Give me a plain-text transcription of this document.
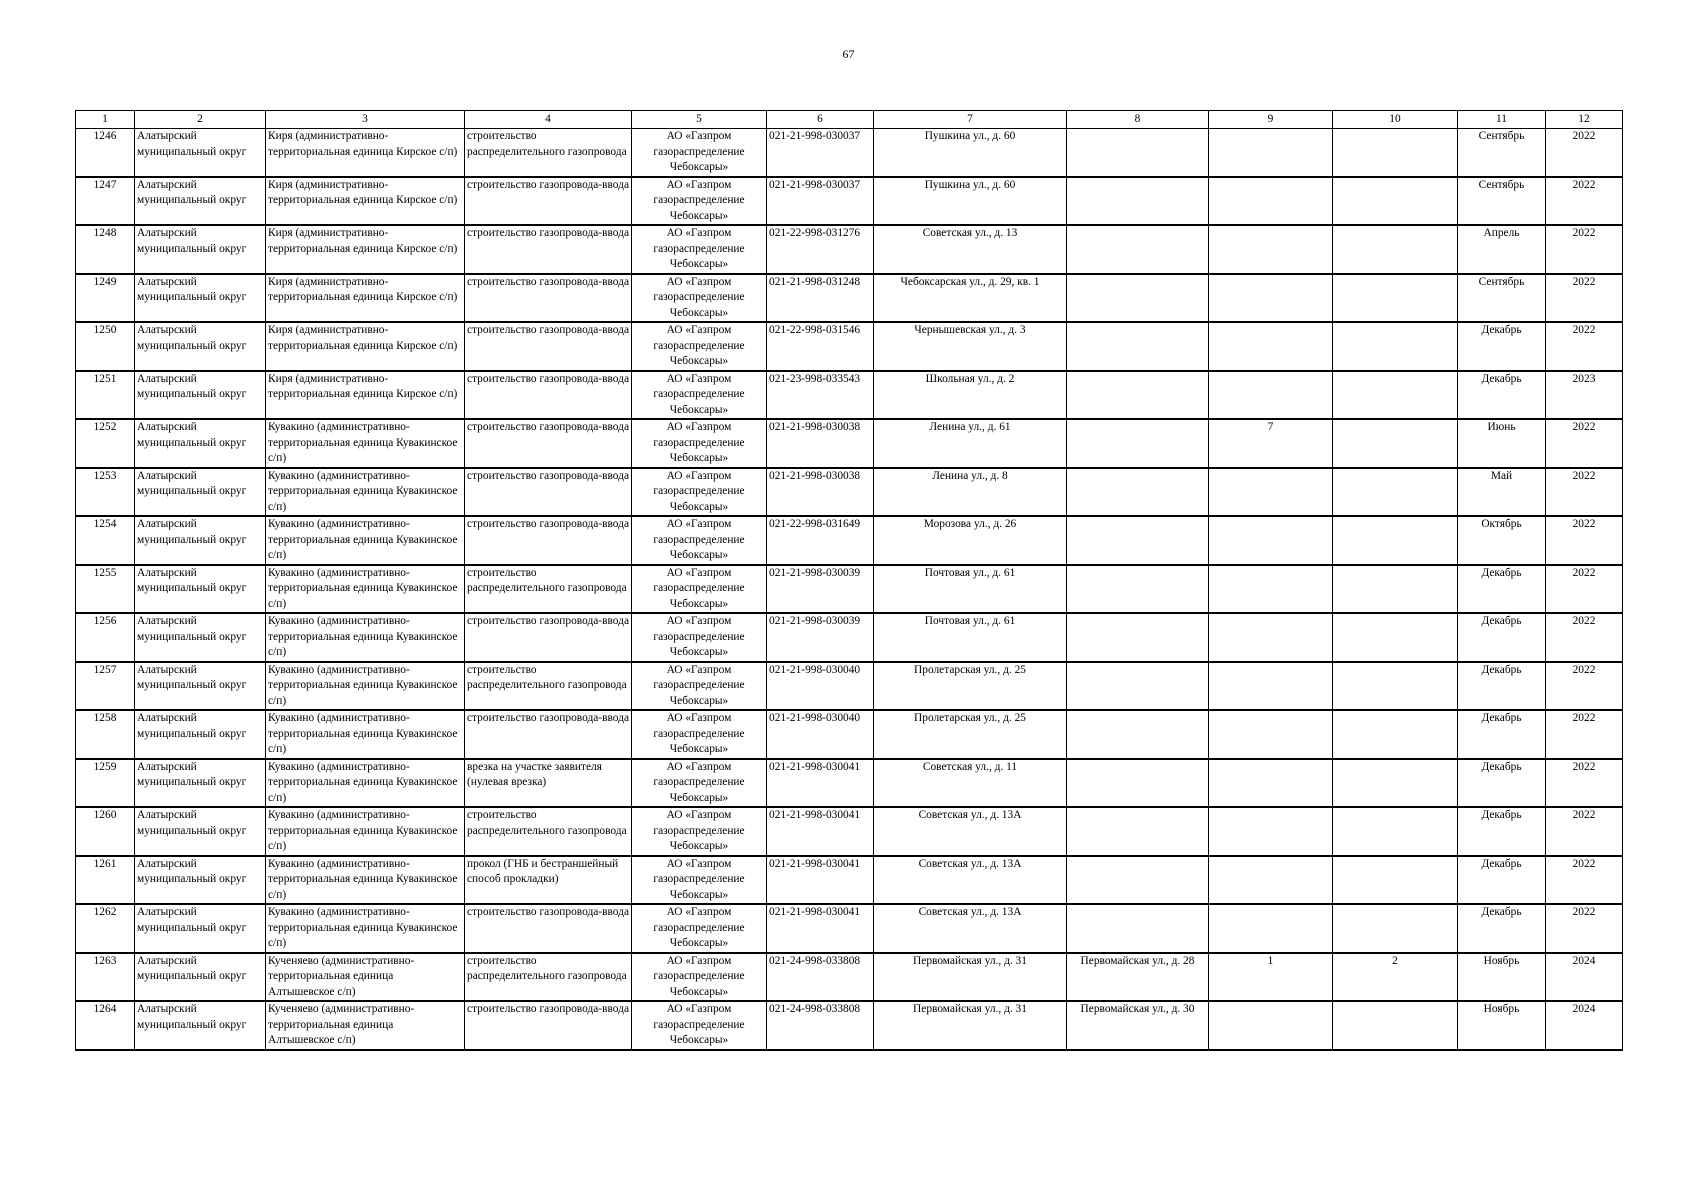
67
1	2	3	4	5	6	7	8	9	10	11	12
1246	Алатырский муниципальный округ	Киря (административно-территориальная единица Кирское с/п)	строительство распределительного газопровода	АО «Газпром газораспределение Чебоксары»	021-21-998-030037	Пушкина ул., д. 60				Сентябрь	2022
1247	Алатырский муниципальный округ	Киря (административно-территориальная единица Кирское с/п)	строительство газопровода-ввода	АО «Газпром газораспределение Чебоксары»	021-21-998-030037	Пушкина ул., д. 60				Сентябрь	2022
1248	Алатырский муниципальный округ	Киря (административно-территориальная единица Кирское с/п)	строительство газопровода-ввода	АО «Газпром газораспределение Чебоксары»	021-22-998-031276	Советская ул., д. 13				Апрель	2022
1249	Алатырский муниципальный округ	Киря (административно-территориальная единица Кирское с/п)	строительство газопровода-ввода	АО «Газпром газораспределение Чебоксары»	021-21-998-031248	Чебоксарская ул., д. 29, кв. 1				Сентябрь	2022
1250	Алатырский муниципальный округ	Киря (административно-территориальная единица Кирское с/п)	строительство газопровода-ввода	АО «Газпром газораспределение Чебоксары»	021-22-998-031546	Чернышевская ул., д. 3				Декабрь	2022
1251	Алатырский муниципальный округ	Киря (административно-территориальная единица Кирское с/п)	строительство газопровода-ввода	АО «Газпром газораспределение Чебоксары»	021-23-998-033543	Школьная ул., д. 2				Декабрь	2023
1252	Алатырский муниципальный округ	Кувакино (административно-территориальная единица Кувакинское с/п)	строительство газопровода-ввода	АО «Газпром газораспределение Чебоксары»	021-21-998-030038	Ленина ул., д. 61		7		Июнь	2022
1253	Алатырский муниципальный округ	Кувакино (административно-территориальная единица Кувакинское с/п)	строительство газопровода-ввода	АО «Газпром газораспределение Чебоксары»	021-21-998-030038	Ленина ул., д. 8				Май	2022
1254	Алатырский муниципальный округ	Кувакино (административно-территориальная единица Кувакинское с/п)	строительство газопровода-ввода	АО «Газпром газораспределение Чебоксары»	021-22-998-031649	Морозова ул., д. 26				Октябрь	2022
1255	Алатырский муниципальный округ	Кувакино (административно-территориальная единица Кувакинское с/п)	строительство распределительного газопровода	АО «Газпром газораспределение Чебоксары»	021-21-998-030039	Почтовая ул., д. 61				Декабрь	2022
1256	Алатырский муниципальный округ	Кувакино (административно-территориальная единица Кувакинское с/п)	строительство газопровода-ввода	АО «Газпром газораспределение Чебоксары»	021-21-998-030039	Почтовая ул., д. 61				Декабрь	2022
1257	Алатырский муниципальный округ	Кувакино (административно-территориальная единица Кувакинское с/п)	строительство распределительного газопровода	АО «Газпром газораспределение Чебоксары»	021-21-998-030040	Пролетарская ул., д. 25				Декабрь	2022
1258	Алатырский муниципальный округ	Кувакино (административно-территориальная единица Кувакинское с/п)	строительство газопровода-ввода	АО «Газпром газораспределение Чебоксары»	021-21-998-030040	Пролетарская ул., д. 25				Декабрь	2022
1259	Алатырский муниципальный округ	Кувакино (административно-территориальная единица Кувакинское с/п)	врезка на участке заявителя (нулевая врезка)	АО «Газпром газораспределение Чебоксары»	021-21-998-030041	Советская ул., д. 11				Декабрь	2022
1260	Алатырский муниципальный округ	Кувакино (административно-территориальная единица Кувакинское с/п)	строительство распределительного газопровода	АО «Газпром газораспределение Чебоксары»	021-21-998-030041	Советская ул., д. 13А				Декабрь	2022
1261	Алатырский муниципальный округ	Кувакино (административно-территориальная единица Кувакинское с/п)	прокол (ГНБ и бестраншейный способ прокладки)	АО «Газпром газораспределение Чебоксары»	021-21-998-030041	Советская ул., д. 13А				Декабрь	2022
1262	Алатырский муниципальный округ	Кувакино (административно-территориальная единица Кувакинское с/п)	строительство газопровода-ввода	АО «Газпром газораспределение Чебоксары»	021-21-998-030041	Советская ул., д. 13А				Декабрь	2022
1263	Алатырский муниципальный округ	Кученяево (административно-территориальная единица Алтышевское с/п)	строительство распределительного газопровода	АО «Газпром газораспределение Чебоксары»	021-24-998-033808	Первомайская ул., д. 31	Первомайская ул., д. 28	1	2	Ноябрь	2024
1264	Алатырский муниципальный округ	Кученяево (административно-территориальная единица Алтышевское с/п)	строительство газопровода-ввода	АО «Газпром газораспределение Чебоксары»	021-24-998-033808	Первомайская ул., д. 31	Первомайская ул., д. 30			Ноябрь	2024
